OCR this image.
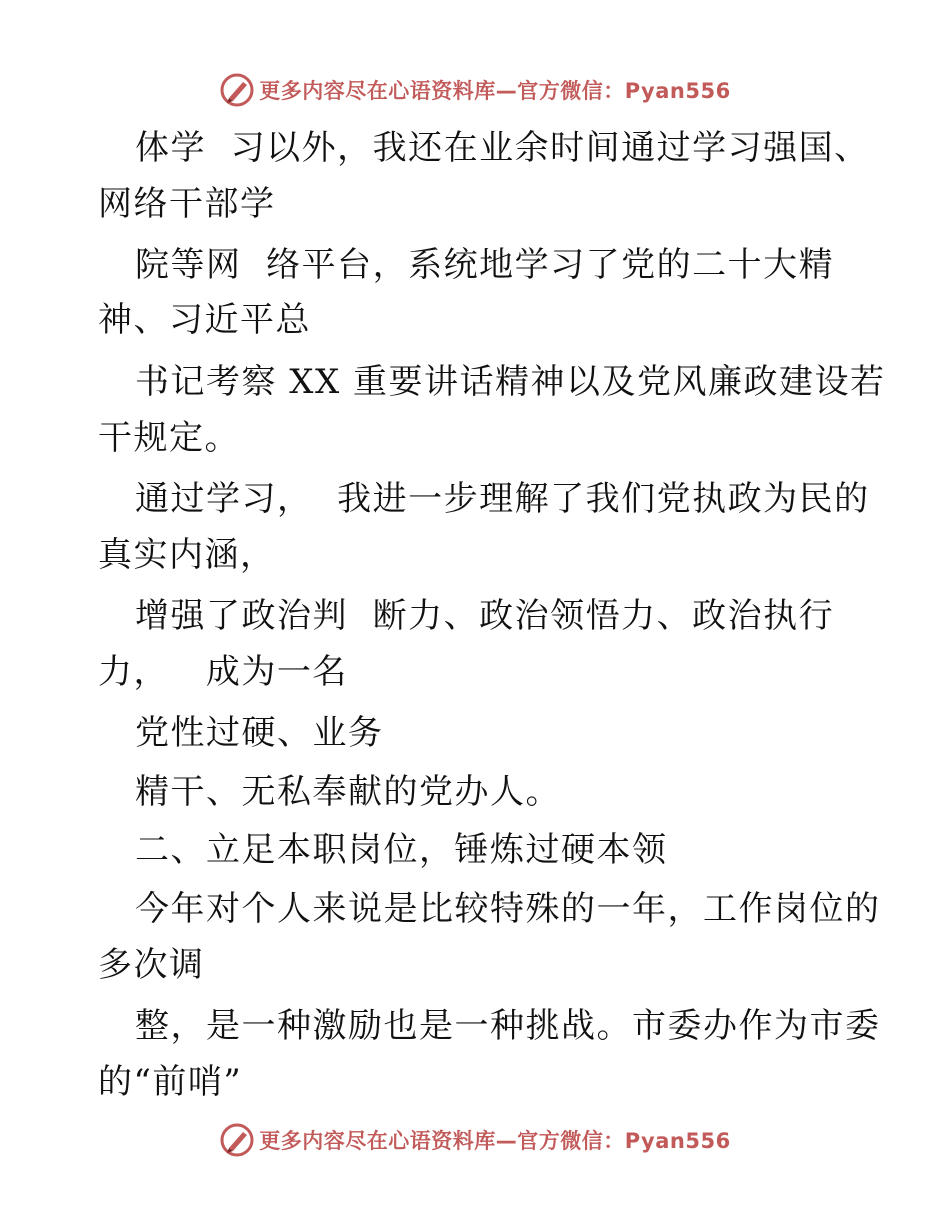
更多内容尽在心语资料库—官方微信：Pyan556
体学  习以外，我还在业余时间通过学习强国、
网络干部学
院等网  络平台，系统地学习了党的二十大精
神、习近平总
书记考察 XX 重要讲话精神以及党风廉政建设若
干规定。
通过学习，  我进一步理解了我们党执政为民的
真实内涵，
增强了政治判  断力、政治领悟力、政治执行
力，   成为一名
党性过硬、业务
精干、无私奉献的党办人。
二、立足本职岗位，锤炼过硬本领
今年对个人来说是比较特殊的一年，工作岗位的
多次调
整，是一种激励也是一种挑战。市委办作为市委
的“前哨”
更多内容尽在心语资料库—官方微信：Pyan556
